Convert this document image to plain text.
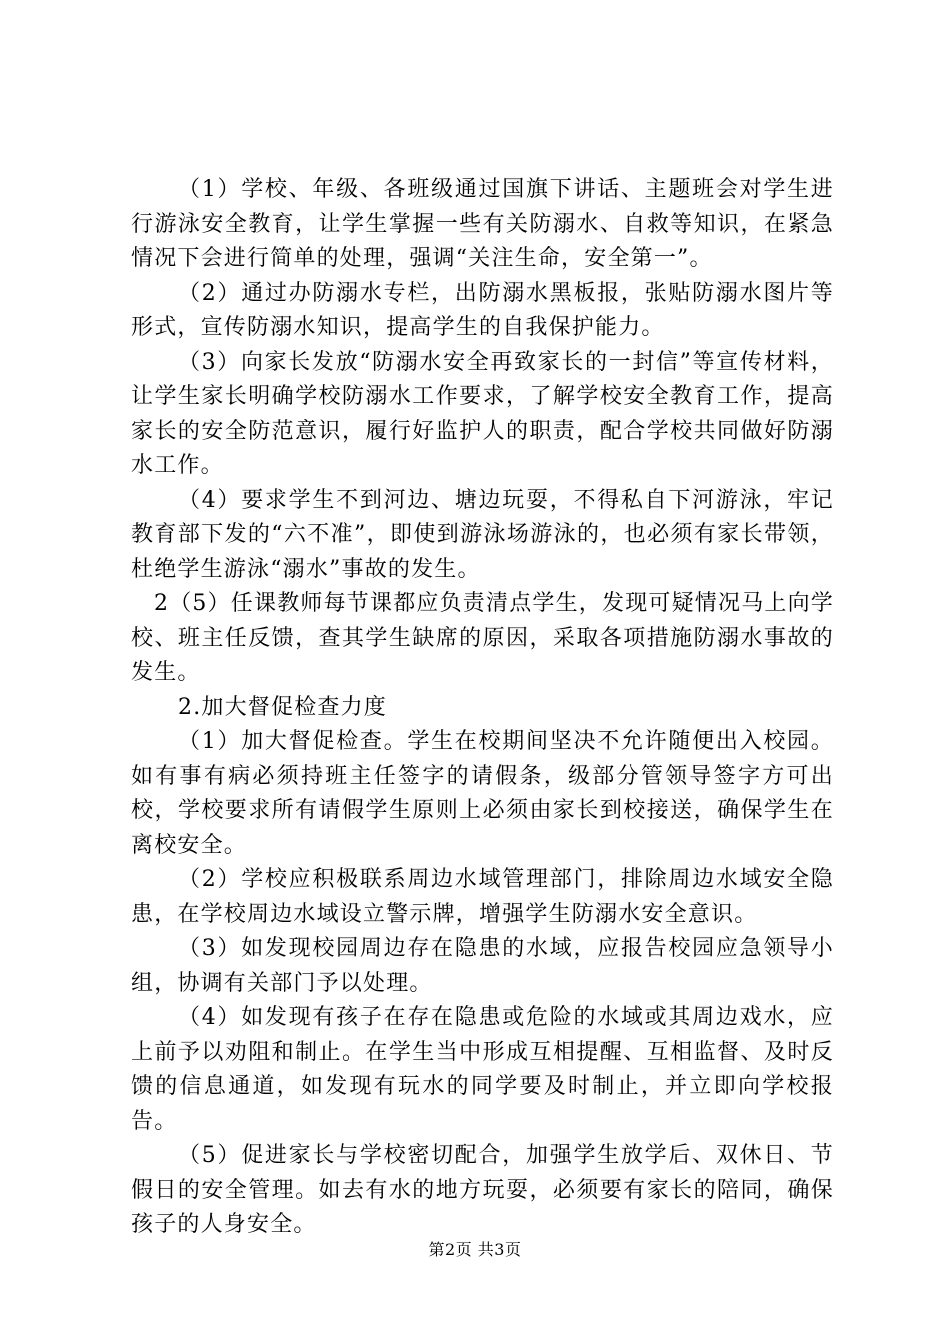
（1）学校、年级、各班级通过国旗下讲话、主题班会对学生进行游泳安全教育，让学生掌握一些有关防溺水、自救等知识，在紧急情况下会进行简单的处理，强调“关注生命，安全第一”。

（2）通过办防溺水专栏，出防溺水黑板报，张贴防溺水图片等形式，宣传防溺水知识，提高学生的自我保护能力。

（3）向家长发放“防溺水安全再致家长的一封信”等宣传材料，让学生家长明确学校防溺水工作要求，了解学校安全教育工作，提高家长的安全防范意识，履行好监护人的职责，配合学校共同做好防溺水工作。

（4）要求学生不到河边、塘边玩耍，不得私自下河游泳，牢记教育部下发的“六不准”，即使到游泳场游泳的，也必须有家长带领，杜绝学生游泳“溺水”事故的发生。

2（5）任课教师每节课都应负责清点学生，发现可疑情况马上向学校、班主任反馈，查其学生缺席的原因，采取各项措施防溺水事故的发生。

2.加大督促检查力度

（1）加大督促检查。学生在校期间坚决不允许随便出入校园。如有事有病必须持班主任签字的请假条，级部分管领导签字方可出校，学校要求所有请假学生原则上必须由家长到校接送，确保学生在离校安全。

（2）学校应积极联系周边水域管理部门，排除周边水域安全隐患，在学校周边水域设立警示牌，增强学生防溺水安全意识。

（3）如发现校园周边存在隐患的水域，应报告校园应急领导小组，协调有关部门予以处理。

（4）如发现有孩子在存在隐患或危险的水域或其周边戏水，应上前予以劝阻和制止。在学生当中形成互相提醒、互相监督、及时反馈的信息通道，如发现有玩水的同学要及时制止，并立即向学校报告。

（5）促进家长与学校密切配合，加强学生放学后、双休日、节假日的安全管理。如去有水的地方玩耍，必须要有家长的陪同，确保孩子的人身安全。

第2页 共3页
